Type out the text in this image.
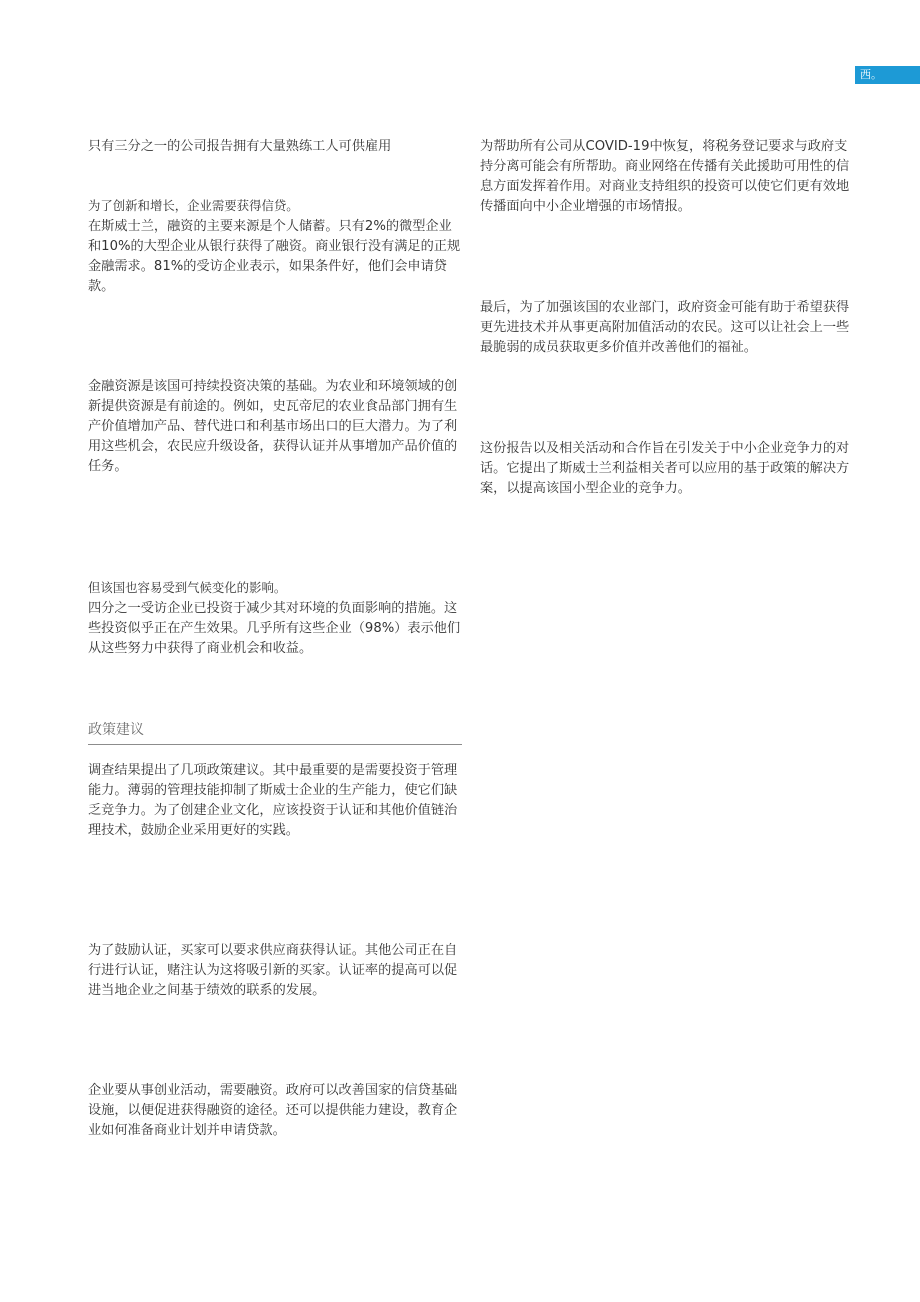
西。

只有三分之一的公司报告拥有大量熟练工人可供雇用

为了创新和增长，企业需要获得信贷。

在斯威士兰，融资的主要来源是个人储蓄。只有2%的微型企业和10%的大型企业从银行获得了融资。商业银行没有满足的正规金融需求。81%的受访企业表示，如果条件好，他们会申请贷款。

金融资源是该国可持续投资决策的基础。为农业和环境领域的创新提供资源是有前途的。例如，史瓦帝尼的农业食品部门拥有生产价值增加产品、替代进口和利基市场出口的巨大潜力。为了利用这些机会，农民应升级设备，获得认证并从事增加产品价值的任务。

但该国也容易受到气候变化的影响。

四分之一受访企业已投资于减少其对环境的负面影响的措施。这些投资似乎正在产生效果。几乎所有这些企业（98%）表示他们从这些努力中获得了商业机会和收益。

政策建议

调查结果提出了几项政策建议。其中最重要的是需要投资于管理能力。薄弱的管理技能抑制了斯威士企业的生产能力，使它们缺乏竞争力。为了创建企业文化，应该投资于认证和其他价值链治理技术，鼓励企业采用更好的实践。

为了鼓励认证，买家可以要求供应商获得认证。其他公司正在自行进行认证，赌注认为这将吸引新的买家。认证率的提高可以促进当地企业之间基于绩效的联系的发展。

企业要从事创业活动，需要融资。政府可以改善国家的信贷基础设施，以便促进获得融资的途径。还可以提供能力建设，教育企业如何准备商业计划并申请贷款。

为帮助所有公司从COVID-19中恢复，将税务登记要求与政府支持分离可能会有所帮助。商业网络在传播有关此援助可用性的信息方面发挥着作用。对商业支持组织的投资可以使它们更有效地传播面向中小企业增强的市场情报。

最后，为了加强该国的农业部门，政府资金可能有助于希望获得更先进技术并从事更高附加值活动的农民。这可以让社会上一些最脆弱的成员获取更多价值并改善他们的福祉。

这份报告以及相关活动和合作旨在引发关于中小企业竞争力的对话。它提出了斯威士兰利益相关者可以应用的基于政策的解决方案，以提高该国小型企业的竞争力。
